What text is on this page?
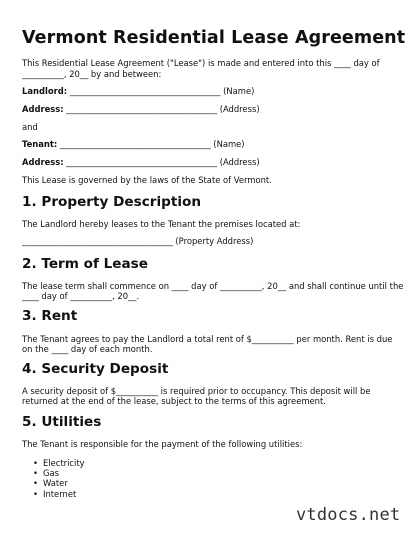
Vermont Residential Lease Agreement

This Residential Lease Agreement ("Lease") is made and entered into this ____ day of

__________, 20__ by and between:

Landlord: ____________________________________ (Name)

Address: ____________________________________ (Address)

and

Tenant: ____________________________________ (Name)

Address: ____________________________________ (Address)

This Lease is governed by the laws of the State of Vermont.

1. Property Description

The Landlord hereby leases to the Tenant the premises located at:

____________________________________ (Property Address)

2. Term of Lease

The lease term shall commence on ____ day of __________, 20__ and shall continue until the

____ day of __________, 20__.

3. Rent

The Tenant agrees to pay the Landlord a total rent of $__________ per month. Rent is due

on the ____ day of each month.

4. Security Deposit

A security deposit of $__________ is required prior to occupancy. This deposit will be

returned at the end of the lease, subject to the terms of this agreement.

5. Utilities

The Tenant is responsible for the payment of the following utilities:

• Electricity
• Gas
• Water
• Internet
vtdocs.net
